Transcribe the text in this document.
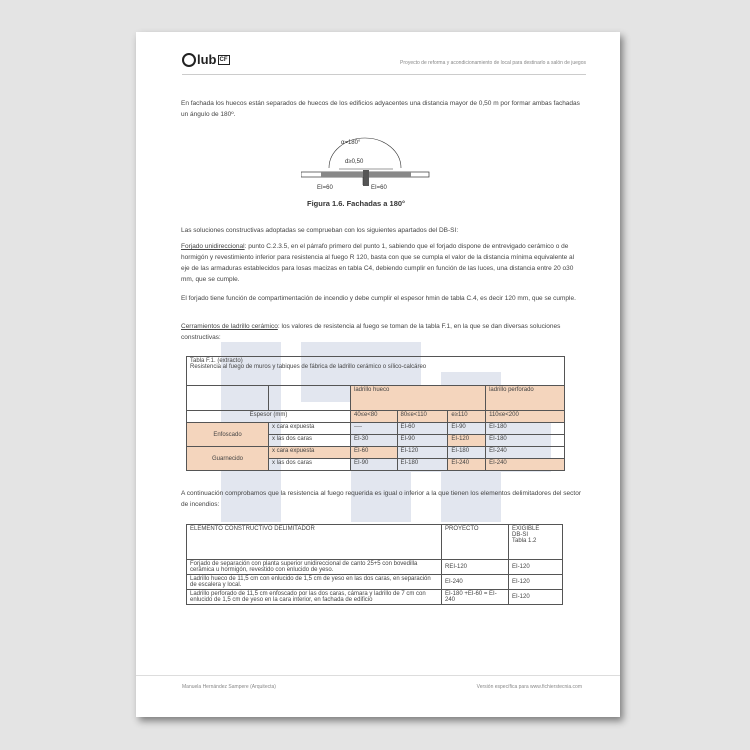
lub CF
Proyecto de reforma y acondicionamiento de local para destinarlo a salón de juegos
En fachada los huecos están separados de huecos de los edificios adyacentes una distancia mayor de 0,50 m por formar ambas fachadas un ángulo de 180º.
α=180°
d≥0,50
EI=60	EI=60
Figura 1.6. Fachadas a 180°
Las soluciones constructivas adoptadas se comprueban con los siguientes apartados del DB-SI:
Forjado unidireccional: punto C.2.3.5, en el párrafo primero del punto 1, sabiendo que el forjado dispone de entrevigado cerámico o de hormigón y revestimiento inferior para resistencia al fuego R 120, basta con que se cumpla el valor de la distancia mínima equivalente al eje de las armaduras establecidos para losas macizas en tabla C4, debiendo cumplir en función de las luces, una distancia entre 20 o30 mm, que se cumple.
El forjado tiene función de compartimentación de incendio y debe cumplir el espesor hmin de tabla C.4, es decir 120 mm, que se cumple.
Cerramientos de ladrillo cerámico: los valores de resistencia al fuego se toman de la tabla F.1, en la que se dan diversas soluciones constructivas:
Tabla F.1. (extracto)
Resistencia al fuego de muros y tabiques de fábrica de ladrillo cerámico o sílico-calcáreo					

		ladrillo hueco			ladrillo perforado
Espesor (mm)		40≤e<80	80≤e<110	e≥110	110≤e<200
Enfoscado	x cara expuesta	----	EI-60	EI-90	EI-180
	x las dos caras	EI-30	EI-90	EI-120	EI-180
Guarnecido	x cara expuesta	EI-60	EI-120	EI-180	EI-240
	x las dos caras	EI-90	EI-180	EI-240	EI-240
A continuación comprobamos que la resistencia al fuego requerida es igual o inferior a la que tienen los elementos delimitadores del sector de incendios:
ELEMENTO CONSTRUCTIVO DELIMITADOR	PROYECTO	EXIGIBLE
DB-SI
Tabla 1.2

Forjado de separación con planta superior unidireccional de canto 25+5 con bovedilla cerámica u hormigón, revestido con enlucido de yeso.	REI-120	EI-120
Ladrillo hueco de 11,5 cm con enlucido de 1,5 cm de yeso en las dos caras, en separación de escalera y local.	EI-240	EI-120
Ladrillo perforado de 11,5 cm enfoscado por las dos caras, cámara y ladrillo de 7 cm con enlucido de 1,5 cm de yeso en la cara interior, en fachada de edificio	EI-180 +EI-60 = EI-240	EI-120
Manuela Hernández Sampere (Arquitecta)	Versión específica para www.fichierstecnia.com
